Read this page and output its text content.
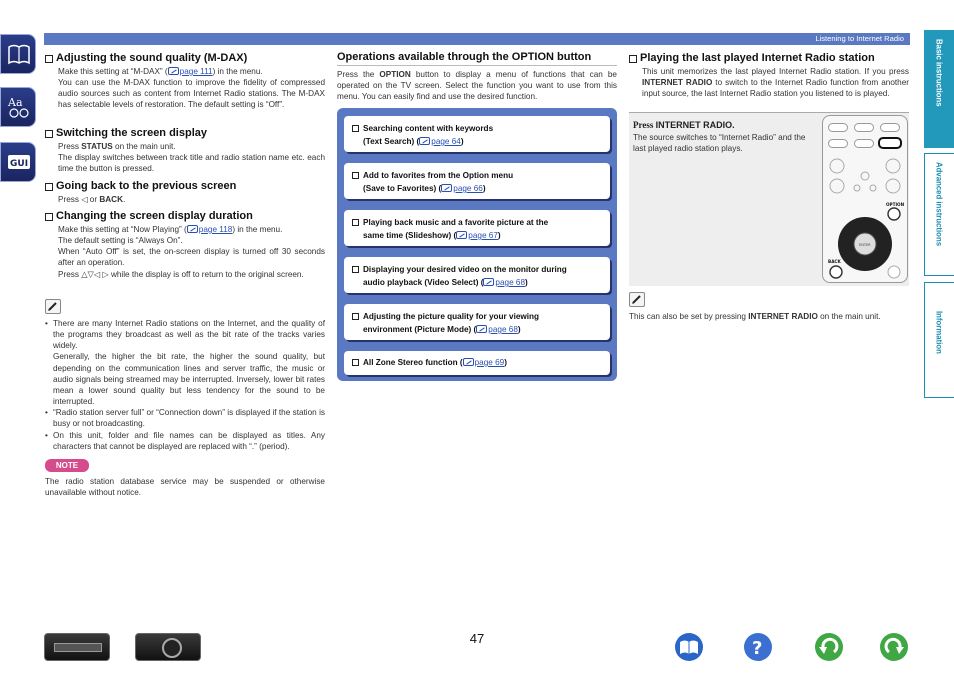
Aa
GUI
Listening to Internet Radio
Basic instructions
Advanced instructions
Information
Adjusting the sound quality (M-DAX)
Make this setting at “M-DAX” ( page 111) in the menu.
You can use the M-DAX function to improve the fidelity of compressed audio sources such as content from Internet Radio stations. The M-DAX has selectable levels of restoration. The default setting is “Off”.
Switching the screen display
Press STATUS on the main unit.
The display switches between track title and radio station name etc. each time the button is pressed.
Going back to the previous screen
Press ◁ or BACK.
Changing the screen display duration
Make this setting at “Now Playing” ( page 118) in the menu.
The default setting is “Always On”.
When “Auto Off” is set, the on-screen display is turned off 30 seconds after an operation.
Press △▽◁ ▷ while the display is off to return to the original screen.
• There are many Internet Radio stations on the Internet, and the quality of the programs they broadcast as well as the bit rate of the tracks varies widely.
Generally, the higher the bit rate, the higher the sound quality, but depending on the communication lines and server traffic, the music or audio signals being streamed may be interrupted. Inversely, lower bit rates mean a lower sound quality but less tendency for the sound to be interrupted.
• “Radio station server full” or “Connection down” is displayed if the station is busy or not broadcasting.
• On this unit, folder and file names can be displayed as titles. Any characters that cannot be displayed are replaced with “.” (period).
NOTE
The radio station database service may be suspended or otherwise unavailable without notice.
Operations available through the OPTION button
Press the OPTION button to display a menu of functions that can be operated on the TV screen. Select the function you want to use from this menu. You can easily find and use the desired function.
Searching content with keywords
(Text Search) ( page 64)
Add to favorites from the Option menu
(Save to Favorites) ( page 66)
Playing back music and a favorite picture at the
same time (Slideshow) ( page 67)
Displaying your desired video on the monitor during
audio playback (Video Select) ( page 68)
Adjusting the picture quality for your viewing
environment (Picture Mode) ( page 68)
All Zone Stereo function ( page 69)
Playing the last played Internet Radio station
This unit memorizes the last played Internet Radio station. If you press INTERNET RADIO to switch to the Internet Radio function from another input source, the last Internet Radio station you listened to is played.
Press INTERNET RADIO.
The source switches to “Internet Radio” and the last played radio station plays.
ENTER
OPTION
BACK
This can also be set by pressing INTERNET RADIO on the main unit.
47	?
